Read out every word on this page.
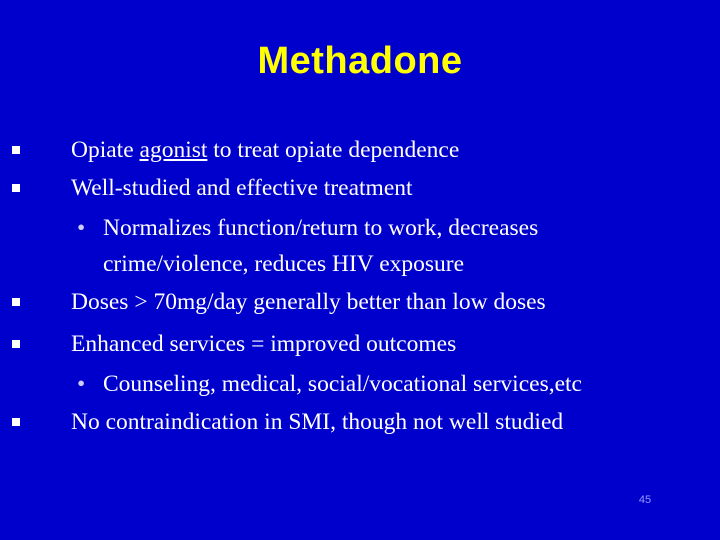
Methadone
Opiate agonist to treat opiate dependence
Well-studied and effective treatment
• Normalizes function/return to work, decreases
crime/violence, reduces HIV exposure
Doses > 70mg/day generally better than low doses
Enhanced services = improved outcomes
• Counseling, medical, social/vocational services,etc
No contraindication in SMI, though not well studied
45
